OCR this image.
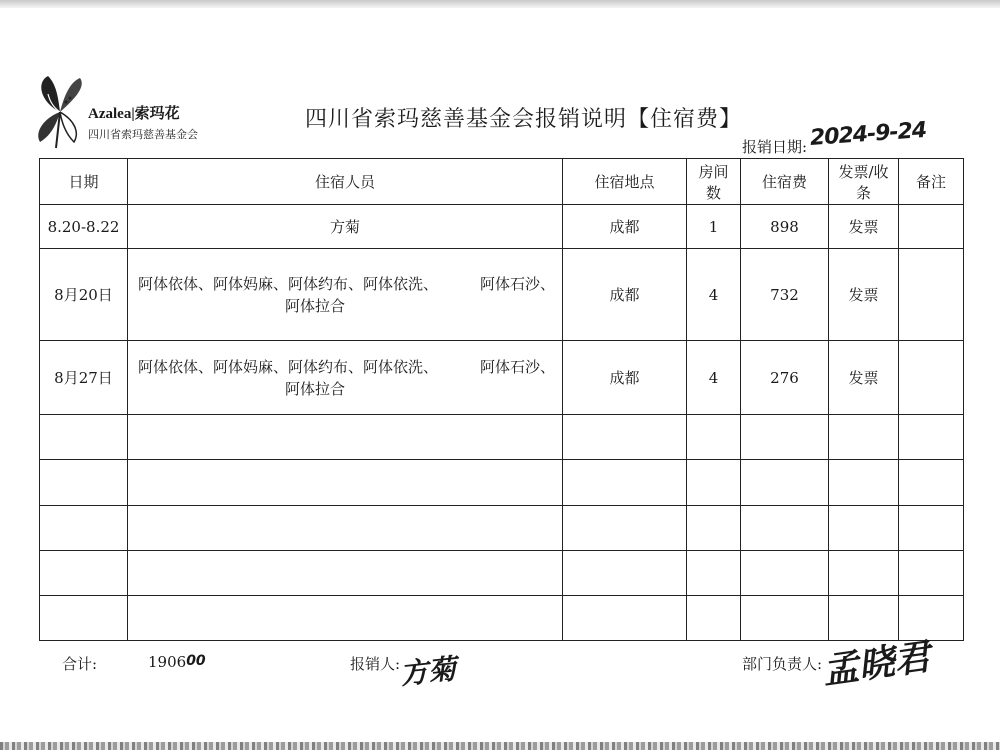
Azalea|索玛花
四川省索玛慈善基金会
四川省索玛慈善基金会报销说明【住宿费】
报销日期: 2024-9-24
日期	住宿人员	住宿地点	房间数	住宿费	发票/收条	备注
8.20-8.22	方菊	成都	1	898	发票	
8月20日	阿体依体、阿体妈麻、阿体约布、阿体依洗、 阿体石沙、
阿体拉合	成都	4	732	发票	
8月27日	阿体依体、阿体妈麻、阿体约布、阿体依洗、 阿体石沙、
阿体拉合	成都	4	276	发票	

合计:	190600	报销人:
方菊	部门负责人:
孟晓君
